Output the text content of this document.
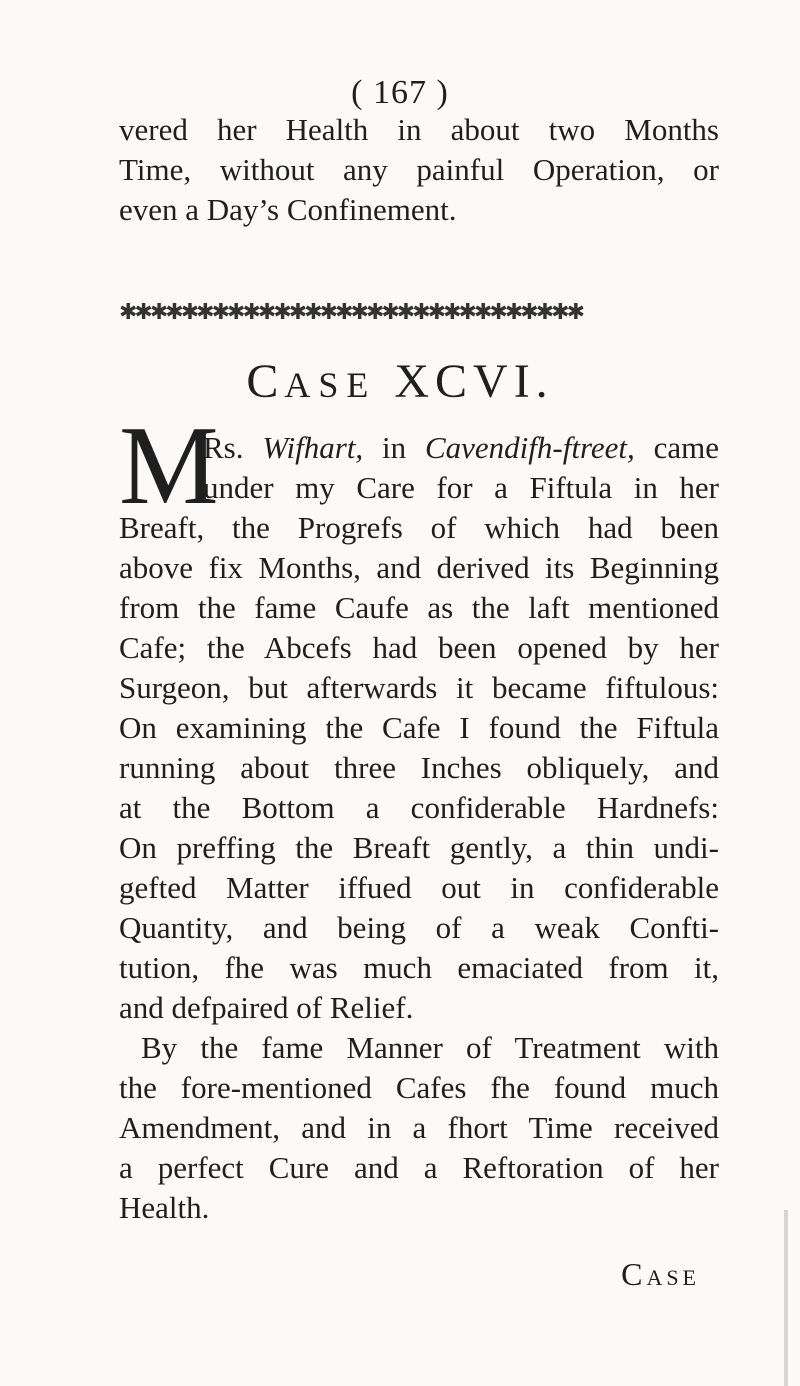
( 167 )
vered her Health in about two Months
Time, without any painful Operation, or
even a Day’s Confinement.
✱✱✱✱✱✱✱✱✱✱✱✱✱✱✱✱✱✱✱✱✱✱✱✱✱✱✱✱✱✱
CASE XCVI.
M
Rs. Wifhart, in Cavendifh-ftreet, came
under my Care for a Fiftula in her
Breaft, the Progrefs of which had been
above fix Months, and derived its Beginning
from the fame Caufe as the laft mentioned
Cafe; the Abcefs had been opened by her
Surgeon, but afterwards it became fiftulous:
On examining the Cafe I found the Fiftula
running about three Inches obliquely, and
at the Bottom a confiderable Hardnefs:
On preffing the Breaft gently, a thin undi-
gefted Matter iffued out in confiderable
Quantity, and being of a weak Confti-
tution, fhe was much emaciated from it,
and defpaired of Relief.
By the fame Manner of Treatment with
the fore-mentioned Cafes fhe found much
Amendment, and in a fhort Time received
a perfect Cure and a Reftoration of her
Health.
CASE
